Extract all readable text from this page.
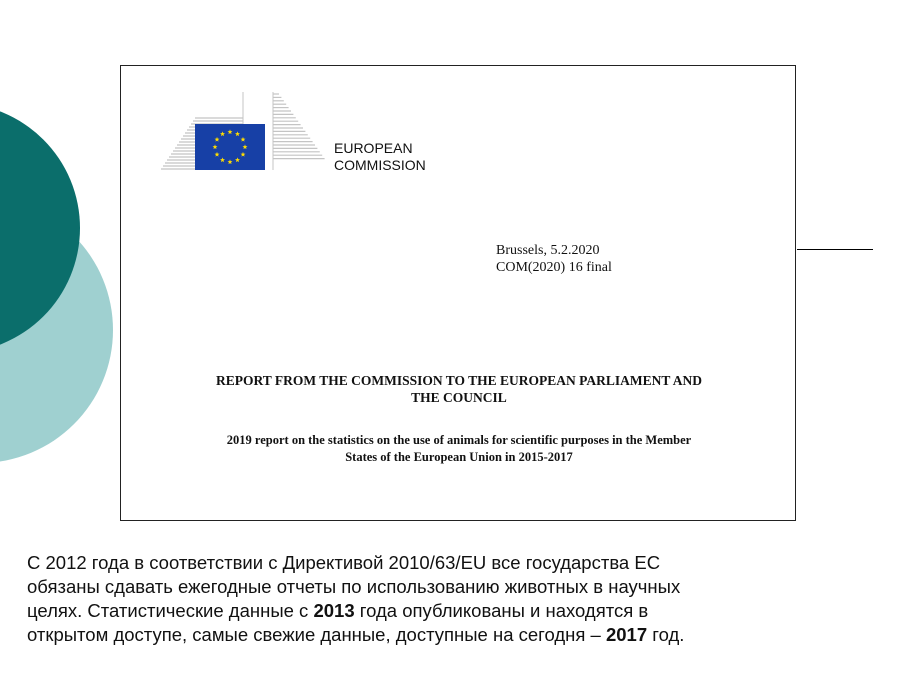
EUROPEAN
COMMISSION
Brussels, 5.2.2020
COM(2020) 16 final
REPORT FROM THE COMMISSION TO THE EUROPEAN PARLIAMENT AND
THE COUNCIL
2019 report on the statistics on the use of animals for scientific purposes in the Member
States of the European Union in 2015-2017
С 2012 года в соответствии с Директивой 2010/63/EU все государства ЕС
обязаны сдавать ежегодные отчеты по использованию животных в научных
целях. Статистические данные с 2013 года опубликованы и находятся в
открытом доступе, самые свежие данные, доступные на сегодня – 2017 год.
